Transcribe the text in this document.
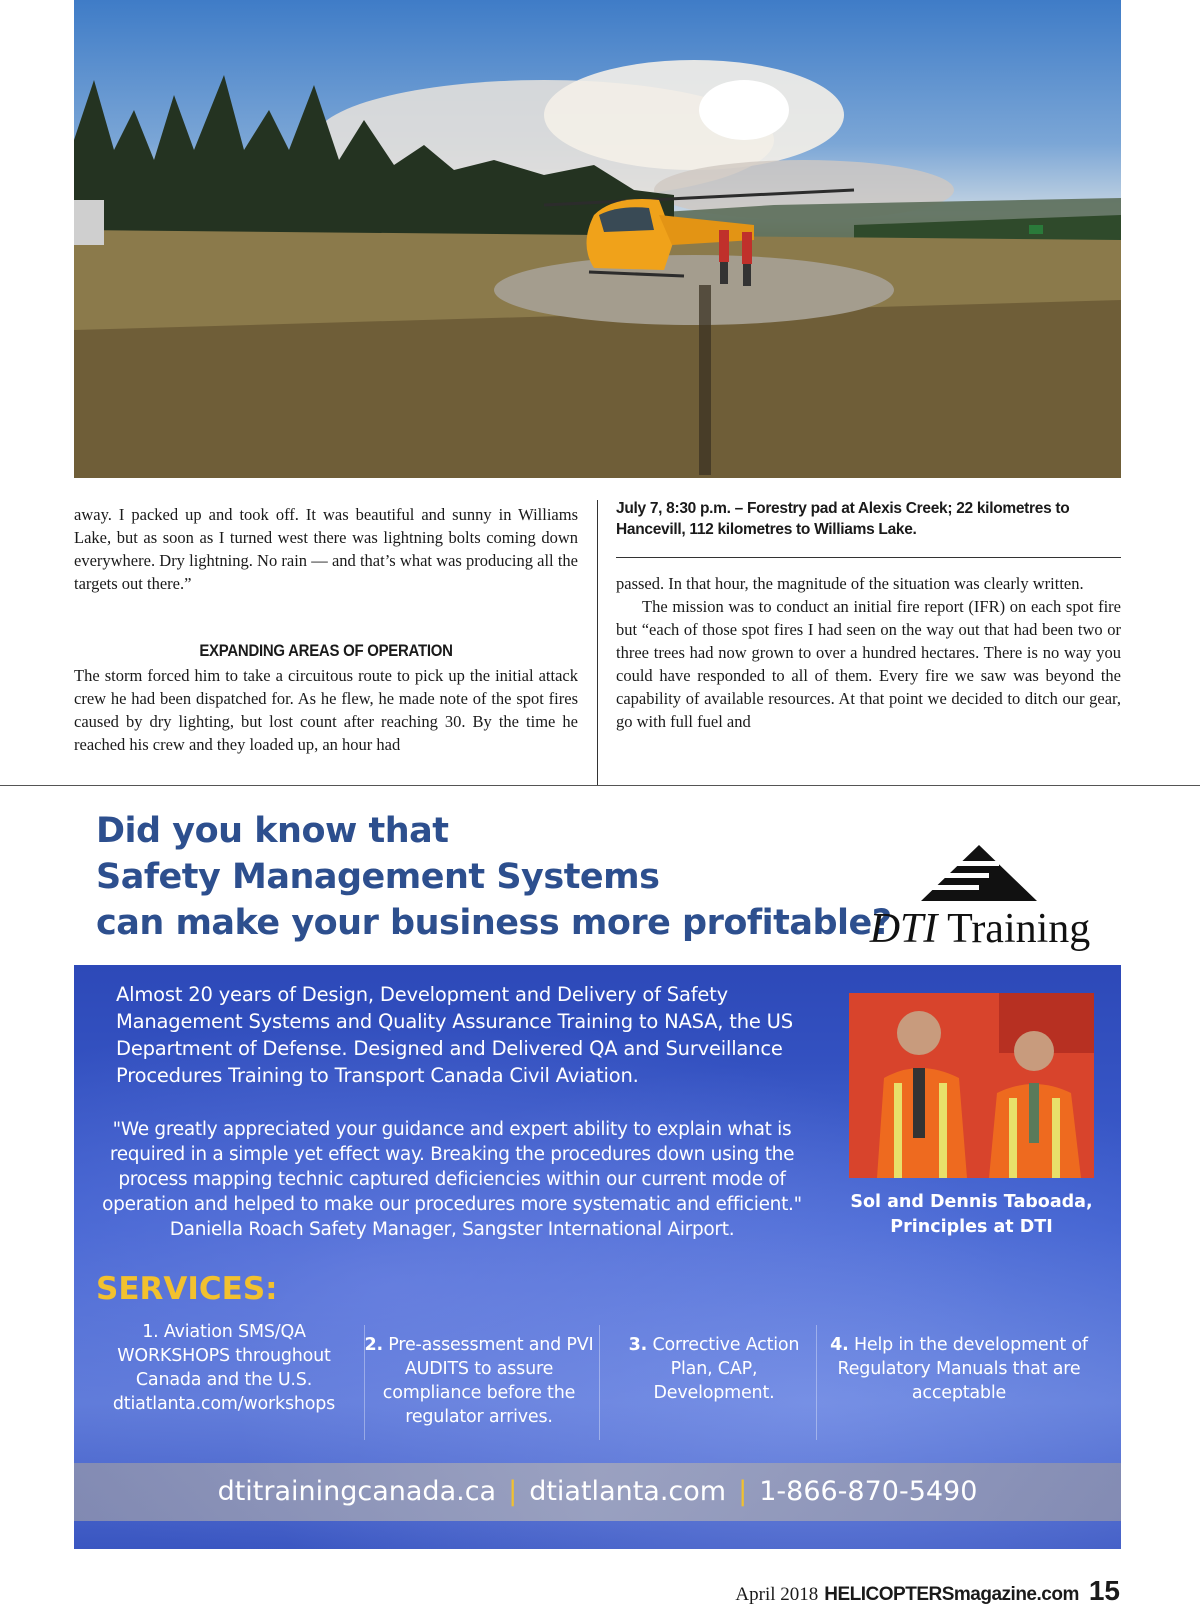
away. I packed up and took off. It was beautiful and sunny in Williams Lake, but as soon as I turned west there was lightning bolts coming down everywhere. Dry lightning. No rain — and that’s what was producing all the targets out there.”

EXPANDING AREAS OF OPERATION

The storm forced him to take a circuitous route to pick up the initial attack crew he had been dispatched for. As he flew, he made note of the spot fires caused by dry lighting, but lost count after reaching 30. By the time he reached his crew and they loaded up, an hour had

July 7, 8:30 p.m. – Forestry pad at Alexis Creek; 22 kilometres to Hancevill, 112 kilometres to Williams Lake.

passed. In that hour, the magnitude of the situation was clearly written.

The mission was to conduct an initial fire report (IFR) on each spot fire but “each of those spot fires I had seen on the way out that had been two or three trees had now grown to over a hundred hectares. There is no way you could have responded to all of them. Every fire we saw was beyond the capability of available resources. At that point we decided to ditch our gear, go with full fuel and

Did you know that
Safety Management Systems
can make your business more profitable?
DTI Training
Almost 20 years of Design, Development and Delivery of Safety Management Systems and Quality Assurance Training to NASA, the US Department of Defense. Designed and Delivered QA and Surveillance Procedures Training to Transport Canada Civil Aviation.
"We greatly appreciated your guidance and expert ability to explain what is required in a simple yet effect way. Breaking the procedures down using the process mapping technic captured deficiencies within our current mode of operation and helped to make our procedures more systematic and efficient." Daniella Roach Safety Manager, Sangster International Airport.
Sol and Dennis Taboada, Principles at DTI
SERVICES:
1. Aviation SMS/QA WORKSHOPS throughout Canada and the U.S.
dtiatlanta.com/workshops
2. Pre-assessment and PVI AUDITS to assure compliance before the regulator arrives.
3. Corrective Action Plan, CAP, Development.
4. Help in the development of Regulatory Manuals that are acceptable
dtitrainingcanada.ca | dtiatlanta.com | 1-866-870-5490
April 2018 HELICOPTERSmagazine.com 15
